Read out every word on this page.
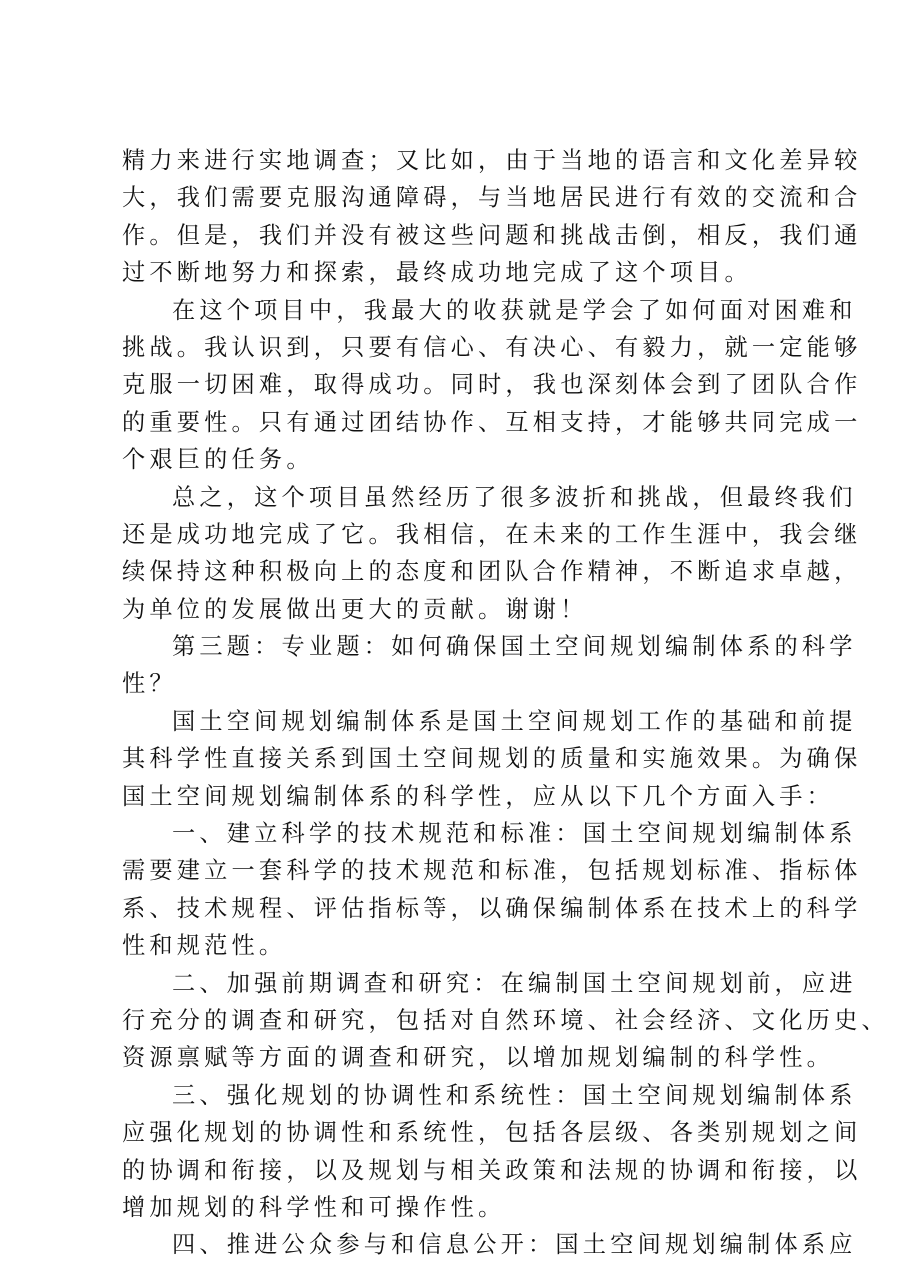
精力来进行实地调查；又比如，由于当地的语言和文化差异较
大，我们需要克服沟通障碍，与当地居民进行有效的交流和合
作。但是，我们并没有被这些问题和挑战击倒，相反，我们通
过不断地努力和探索，最终成功地完成了这个项目。
在这个项目中，我最大的收获就是学会了如何面对困难和
挑战。我认识到，只要有信心、有决心、有毅力，就一定能够
克服一切困难，取得成功。同时，我也深刻体会到了团队合作
的重要性。只有通过团结协作、互相支持，才能够共同完成一
个艰巨的任务。
总之，这个项目虽然经历了很多波折和挑战，但最终我们
还是成功地完成了它。我相信，在未来的工作生涯中，我会继
续保持这种积极向上的态度和团队合作精神，不断追求卓越，
为单位的发展做出更大的贡献。谢谢！
第三题：专业题：如何确保国土空间规划编制体系的科学
性？
国土空间规划编制体系是国土空间规划工作的基础和前提
其科学性直接关系到国土空间规划的质量和实施效果。为确保
国土空间规划编制体系的科学性，应从以下几个方面入手：
一、建立科学的技术规范和标准：国土空间规划编制体系
需要建立一套科学的技术规范和标准，包括规划标准、指标体
系、技术规程、评估指标等，以确保编制体系在技术上的科学
性和规范性。
二、加强前期调查和研究：在编制国土空间规划前，应进
行充分的调查和研究，包括对自然环境、社会经济、文化历史、
资源禀赋等方面的调查和研究，以增加规划编制的科学性。
三、强化规划的协调性和系统性：国土空间规划编制体系
应强化规划的协调性和系统性，包括各层级、各类别规划之间
的协调和衔接，以及规划与相关政策和法规的协调和衔接，以
增加规划的科学性和可操作性。
四、推进公众参与和信息公开：国土空间规划编制体系应
